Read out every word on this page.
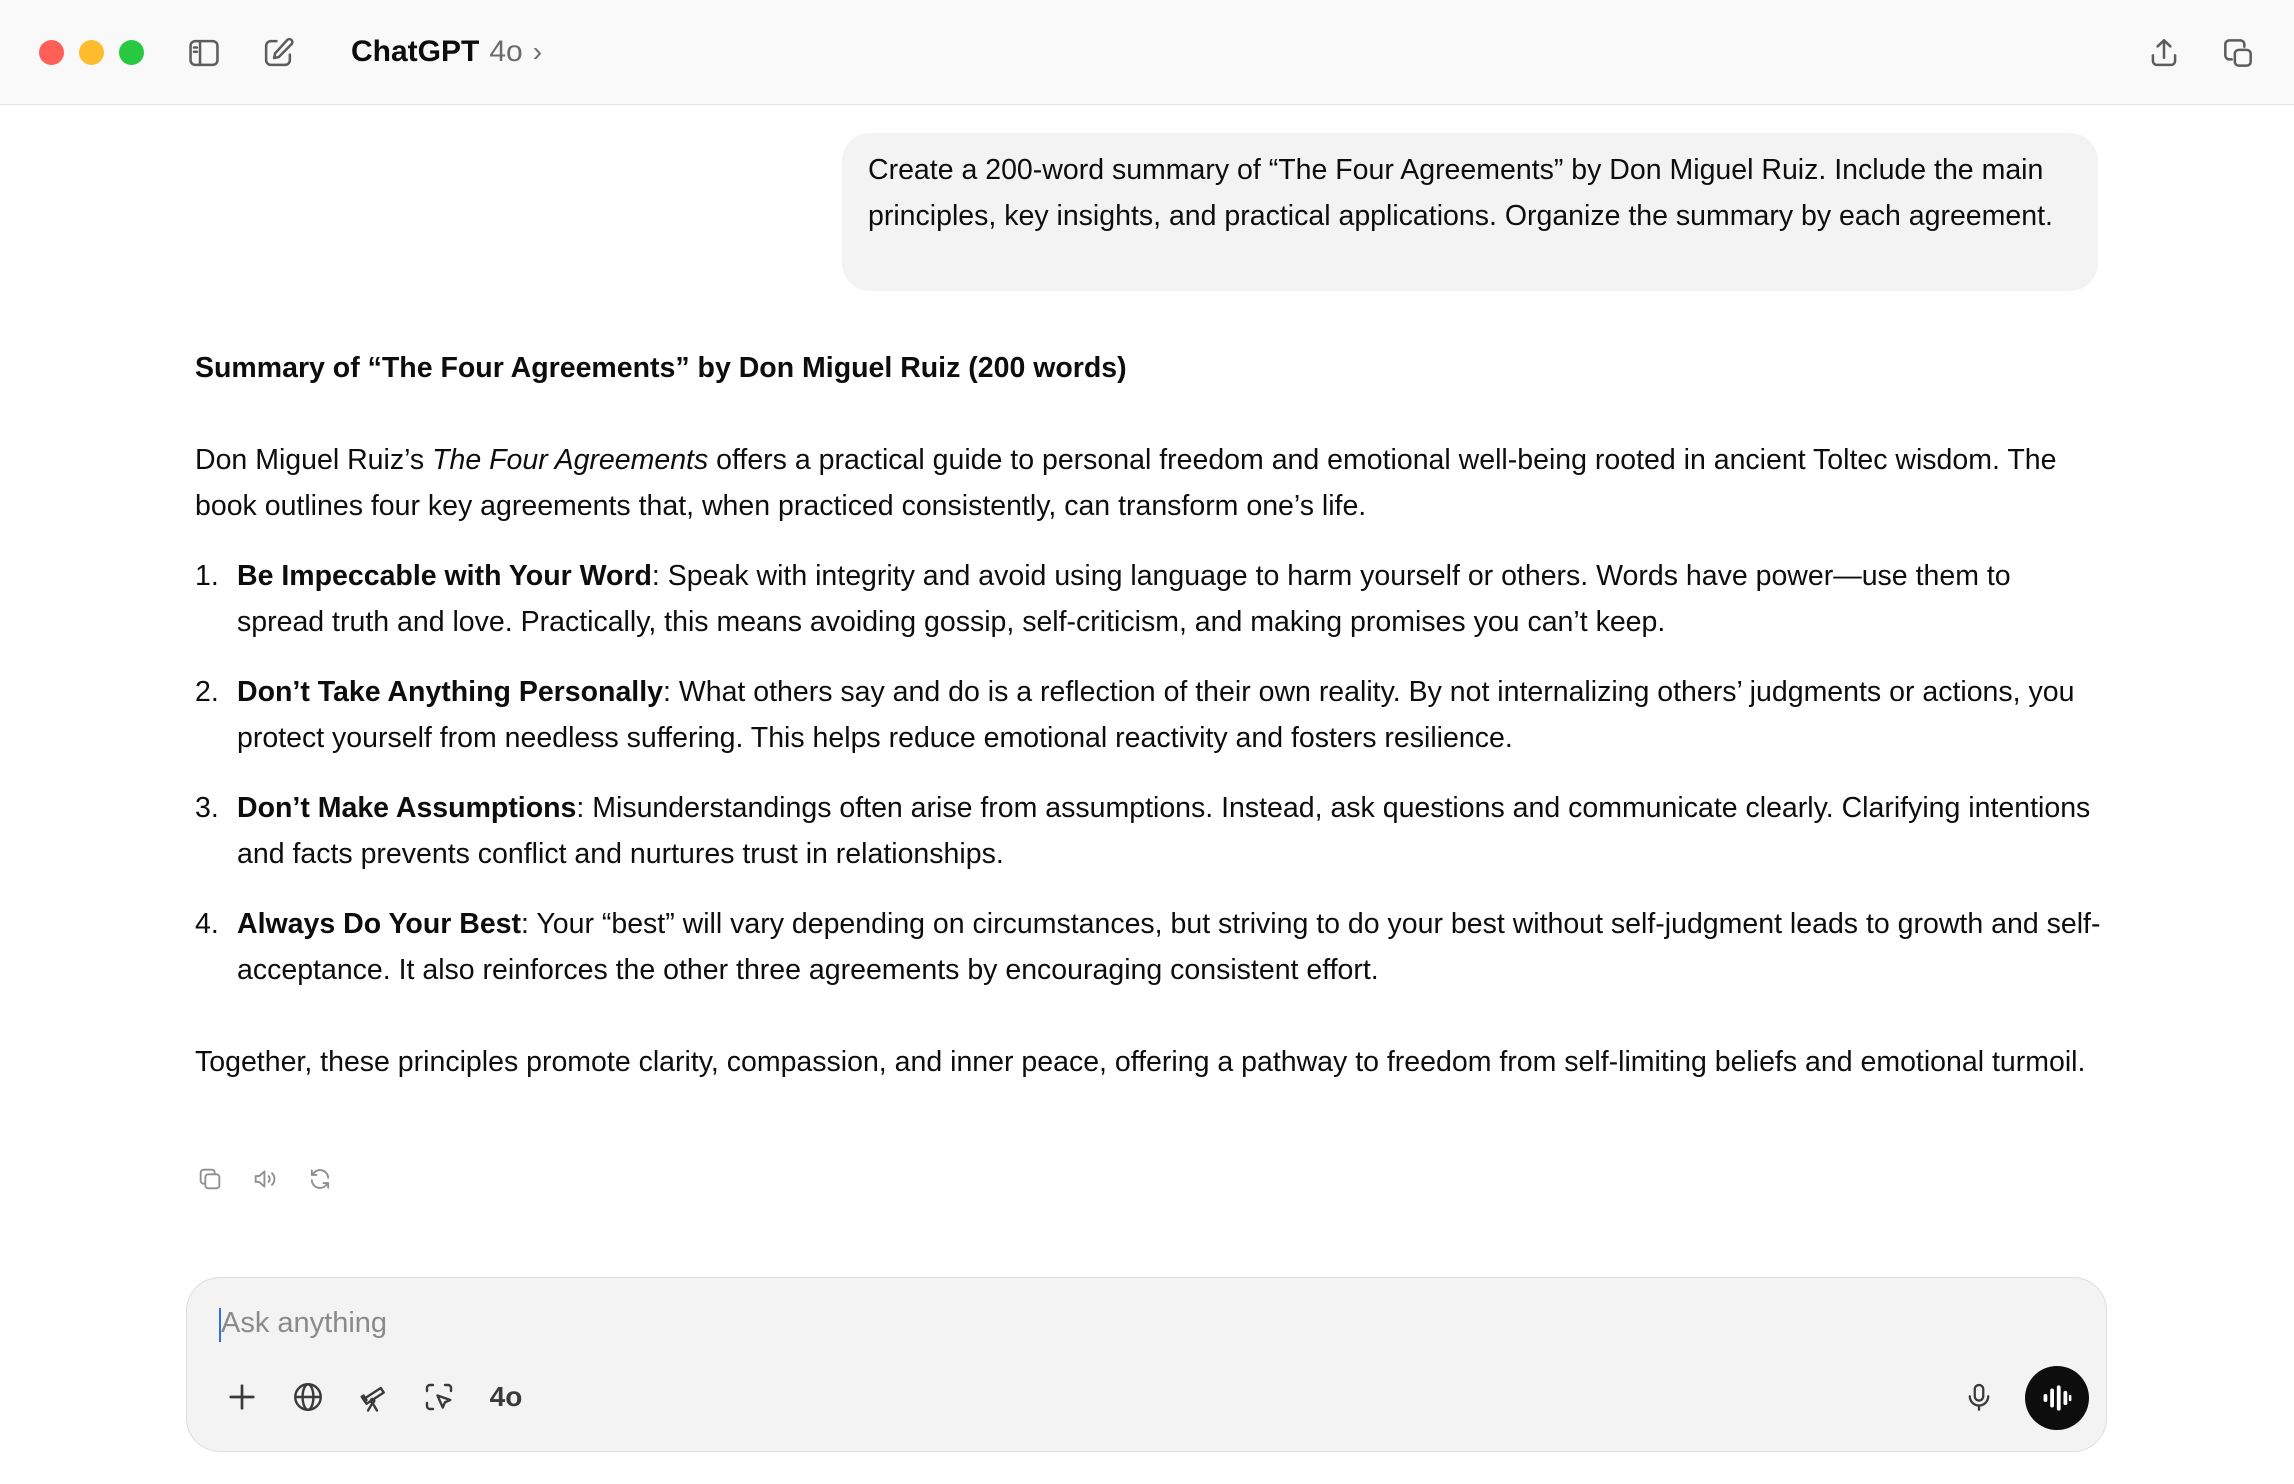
ChatGPT 4o ›
Create a 200-word summary of “The Four Agreements” by Don Miguel Ruiz. Include the main principles, key insights, and practical applications. Organize the summary by each agreement.

Summary of “The Four Agreements” by Don Miguel Ruiz (200 words)

Don Miguel Ruiz’s The Four Agreements offers a practical guide to personal freedom and emotional well-being rooted in ancient Toltec wisdom. The book outlines four key agreements that, when practiced consistently, can transform one’s life.

1. Be Impeccable with Your Word: Speak with integrity and avoid using language to harm yourself or others. Words have power—use them to spread truth and love. Practically, this means avoiding gossip, self-criticism, and making promises you can’t keep.
2. Don’t Take Anything Personally: What others say and do is a reflection of their own reality. By not internalizing others’ judgments or actions, you protect yourself from needless suffering. This helps reduce emotional reactivity and fosters resilience.
3. Don’t Make Assumptions: Misunderstandings often arise from assumptions. Instead, ask questions and communicate clearly. Clarifying intentions and facts prevents conflict and nurtures trust in relationships.
4. Always Do Your Best: Your “best” will vary depending on circumstances, but striving to do your best without self-judgment leads to growth and self-acceptance. It also reinforces the other three agreements by encouraging consistent effort.

Together, these principles promote clarity, compassion, and inner peace, offering a pathway to freedom from self-limiting beliefs and emotional turmoil.

Ask anything
4o
